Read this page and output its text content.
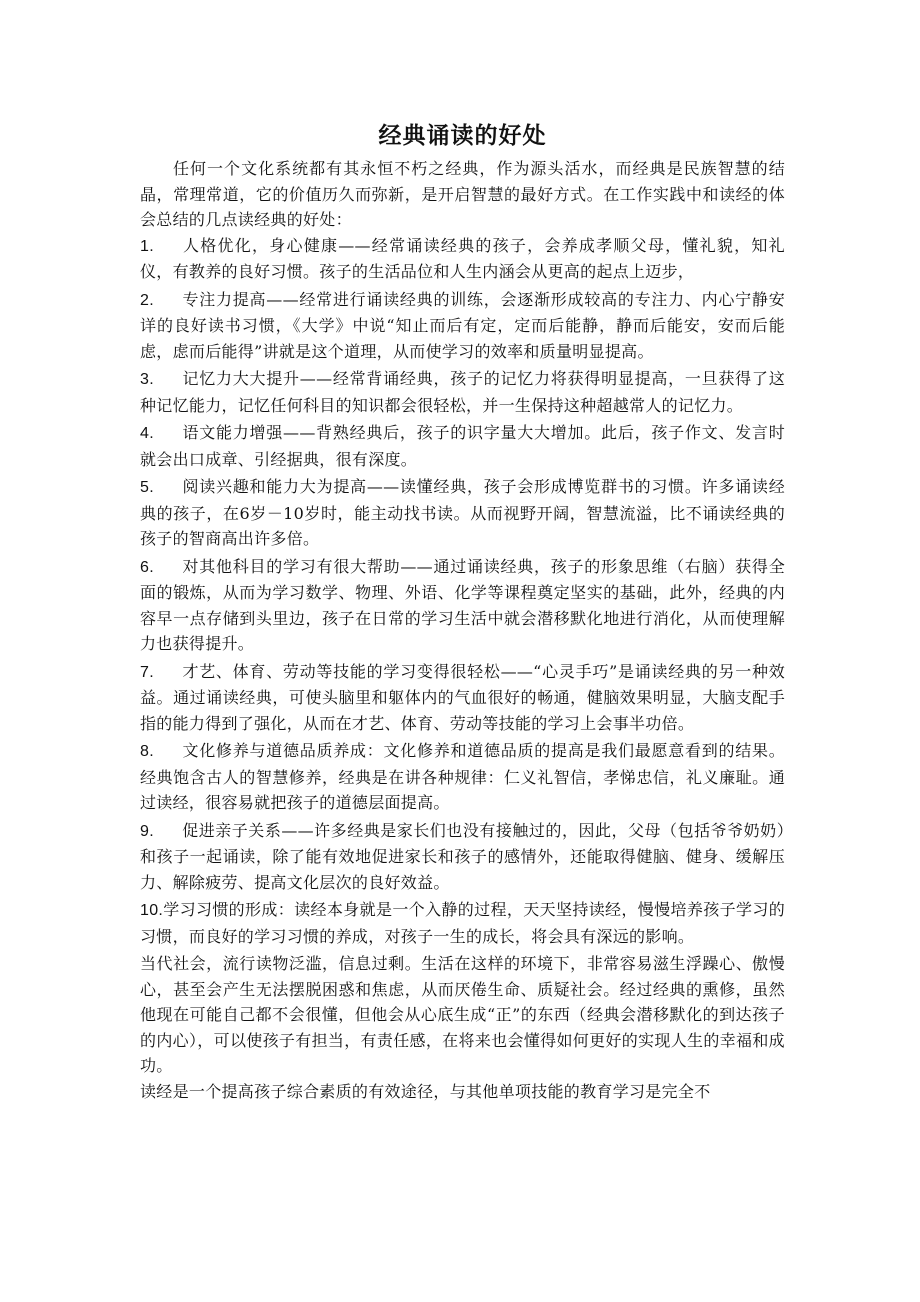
经典诵读的好处

任何一个文化系统都有其永恒不朽之经典，作为源头活水，而经典是民族智慧的结晶，常理常道，它的价值历久而弥新，是开启智慧的最好方式。在工作实践中和读经的体会总结的几点读经典的好处：

1. 人格优化，身心健康——经常诵读经典的孩子，会养成孝顺父母，懂礼貌，知礼仪，有教养的良好习惯。孩子的生活品位和人生内涵会从更高的起点上迈步，

2. 专注力提高——经常进行诵读经典的训练，会逐渐形成较高的专注力、内心宁静安详的良好读书习惯，《大学》中说“知止而后有定，定而后能静，静而后能安，安而后能虑，虑而后能得”讲就是这个道理，从而使学习的效率和质量明显提高。

3. 记忆力大大提升——经常背诵经典，孩子的记忆力将获得明显提高，一旦获得了这种记忆能力，记忆任何科目的知识都会很轻松，并一生保持这种超越常人的记忆力。

4. 语文能力增强——背熟经典后，孩子的识字量大大增加。此后，孩子作文、发言时就会出口成章、引经据典，很有深度。

5. 阅读兴趣和能力大为提高——读懂经典，孩子会形成博览群书的习惯。许多诵读经典的孩子，在6岁－10岁时，能主动找书读。从而视野开阔，智慧流溢，比不诵读经典的孩子的智商高出许多倍。

6. 对其他科目的学习有很大帮助——通过诵读经典，孩子的形象思维（右脑）获得全面的锻炼，从而为学习数学、物理、外语、化学等课程奠定坚实的基础，此外，经典的内容早一点存储到头里边，孩子在日常的学习生活中就会潜移默化地进行消化，从而使理解力也获得提升。

7. 才艺、体育、劳动等技能的学习变得很轻松——“心灵手巧”是诵读经典的另一种效益。通过诵读经典，可使头脑里和躯体内的气血很好的畅通，健脑效果明显，大脑支配手指的能力得到了强化，从而在才艺、体育、劳动等技能的学习上会事半功倍。

8. 文化修养与道德品质养成：文化修养和道德品质的提高是我们最愿意看到的结果。经典饱含古人的智慧修养，经典是在讲各种规律：仁义礼智信，孝悌忠信，礼义廉耻。通过读经，很容易就把孩子的道德层面提高。

9. 促进亲子关系——许多经典是家长们也没有接触过的，因此，父母（包括爷爷奶奶）和孩子一起诵读，除了能有效地促进家长和孩子的感情外，还能取得健脑、健身、缓解压力、解除疲劳、提高文化层次的良好效益。

10.学习习惯的形成：读经本身就是一个入静的过程，天天坚持读经，慢慢培养孩子学习的习惯，而良好的学习习惯的养成，对孩子一生的成长，将会具有深远的影响。

当代社会，流行读物泛滥，信息过剩。生活在这样的环境下，非常容易滋生浮躁心、傲慢心，甚至会产生无法摆脱困惑和焦虑，从而厌倦生命、质疑社会。经过经典的熏修，虽然他现在可能自己都不会很懂，但他会从心底生成“正”的东西（经典会潜移默化的到达孩子的内心），可以使孩子有担当，有责任感，在将来也会懂得如何更好的实现人生的幸福和成功。

读经是一个提高孩子综合素质的有效途径，与其他单项技能的教育学习是完全不
